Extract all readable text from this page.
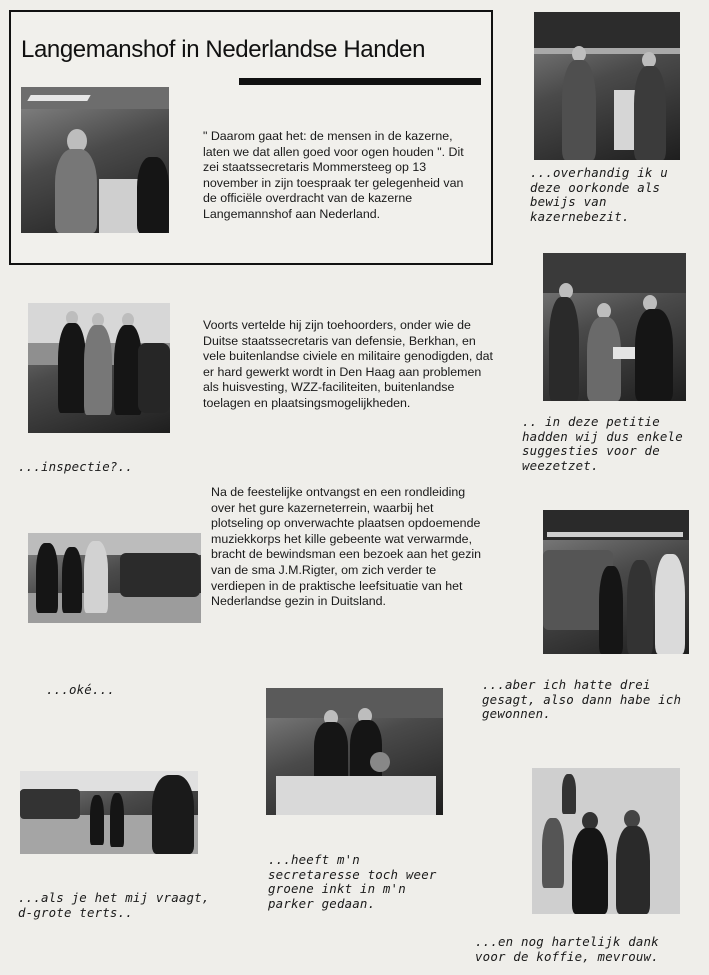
Langemanshof in Nederlandse Handen

" Daarom gaat het: de mensen in de kazerne, laten we dat allen goed voor ogen houden ". Dit zei staatssecretaris Mommersteeg op 13 november in zijn toespraak ter gelegenheid van de officiële overdracht van de kazerne Langemannshof aan Nederland.

...overhandig ik u deze oorkonde als bewijs van kazernebezit.

Voorts vertelde hij zijn toehoorders, onder wie de Duitse staatssecretaris van defensie, Berkhan, en vele buitenlandse civiele en militaire genodigden, dat er hard gewerkt wordt in Den Haag aan problemen als huisvesting, WZZ-faciliteiten, buitenlandse toelagen en plaatsingsmogelijkheden.

.. in deze petitie hadden wij dus enkele suggesties voor de weezetzet.

...inspectie?..

Na de feestelijke ontvangst en een rondleiding over het gure kazerneterrein, waarbij het plotseling op onverwachte plaatsen opdoemende muziekkorps het kille gebeente wat verwarmde, bracht de bewindsman een bezoek aan het gezin van de sma J.M.Rigter, om zich verder te verdiepen in de praktische leefsituatie van het Nederlandse gezin in Duitsland.

...oké...	...aber ich hatte drei gesagt, also dann habe ich gewonnen.

...heeft m'n secretaresse toch weer groene inkt in m'n parker gedaan.

...als je het mij vraagt, d-grote terts..

...en nog hartelijk dank voor de koffie, mevrouw.
